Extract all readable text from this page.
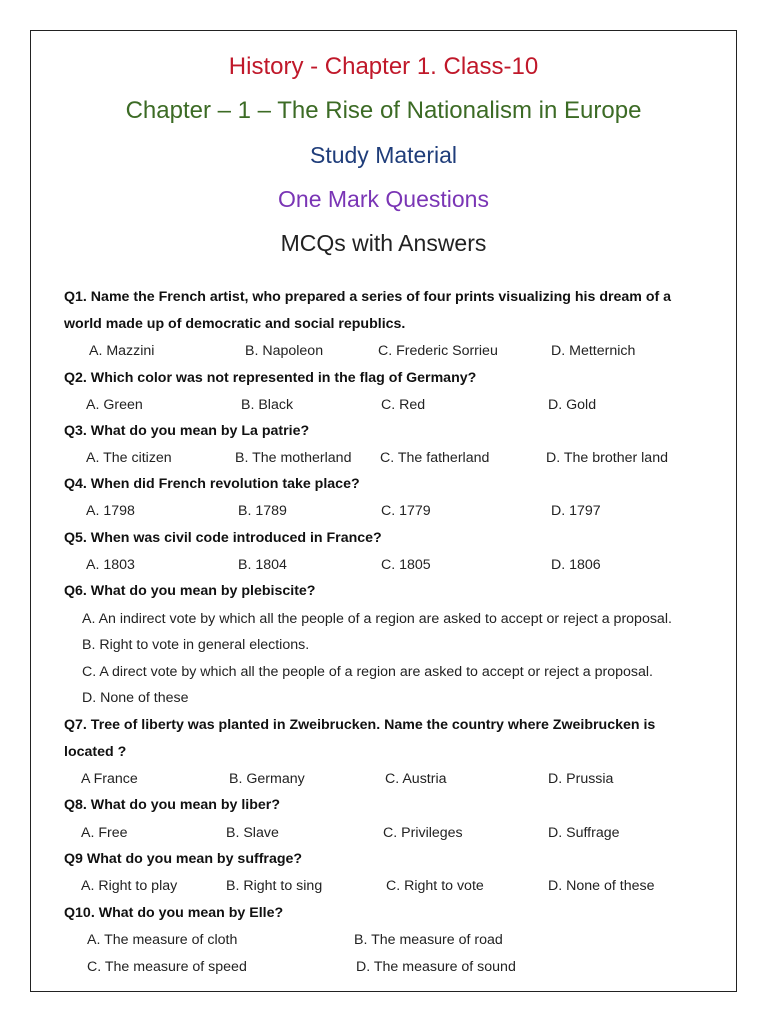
History - Chapter 1. Class-10
Chapter – 1 – The Rise of Nationalism in Europe
Study Material
One Mark Questions
MCQs with Answers
Q1. Name the French artist, who prepared a series of four prints visualizing his dream of a
world made up of democratic and social republics.
A. Mazzini	B. Napoleon	C. Frederic Sorrieu	D. Metternich
Q2. Which color was not represented in the flag of Germany?
A. Green	B. Black	C. Red	D. Gold
Q3. What do you mean by La patrie?
A. The citizen	B. The motherland C. The fatherland	D. The brother land
Q4. When did French revolution take place?
A. 1798	B. 1789	C. 1779	D. 1797
Q5. When was civil code introduced in France?
A. 1803	B. 1804	C. 1805	D. 1806
Q6. What do you mean by plebiscite?
A. An indirect vote by which all the people of a region are asked to accept or reject a proposal.
B. Right to vote in general elections.
C. A direct vote by which all the people of a region are asked to accept or reject a proposal.
D. None of these
Q7. Tree of liberty was planted in Zweibrucken. Name the country where Zweibrucken is
located ?
A France	B. Germany	C. Austria	D. Prussia
Q8. What do you mean by liber?
A. Free	B. Slave	C. Privileges	D. Suffrage
Q9 What do you mean by suffrage?
A. Right to play	B. Right to sing	C. Right to vote	D. None of these
Q10. What do you mean by Elle?
A. The measure of cloth	B. The measure of road
C. The measure of speed	D. The measure of sound
